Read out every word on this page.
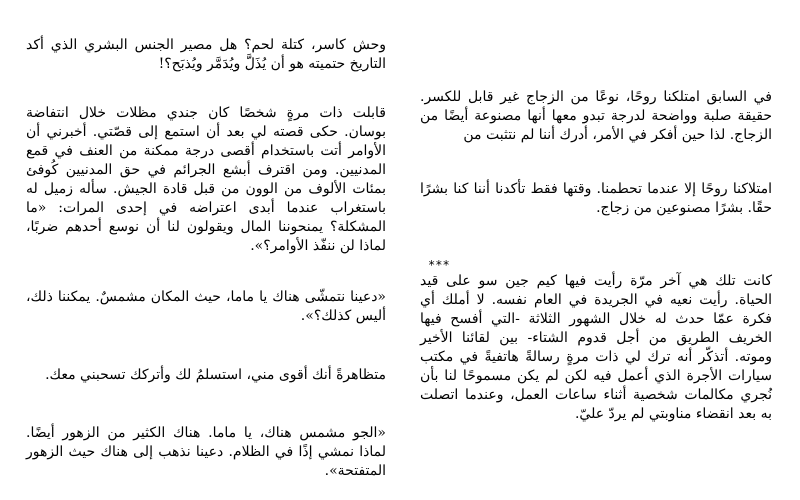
في السابق امتلكنا روحًا، نوعًا من الزجاج غير قابل للكسر. حقيقة صلبة وواضحة لدرجة تبدو معها أنها مصنوعة أيضًا من الزجاج. لذا حين أفكر في الأمر، أدرك أننا لم نتثبت من

امتلاكنا روحًا إلا عندما تحطمنا. وقتها فقط تأكدنا أننا كنا بشرًا حقًا. بشرًا مصنوعين من زجاج.

***

كانت تلك هي آخر مرّة رأيت فيها كيم جين سو على قيد الحياة. رأيت نعيه في الجريدة في العام نفسه. لا أملك أي فكرة عمّا حدث له خلال الشهور الثلاثة -التي أفسح فيها الخريف الطريق من أجل قدوم الشتاء- بين لقائنا الأخير وموته. أتذكّر أنه ترك لي ذات مرةٍ رسالةً هاتفيةً في مكتب سيارات الأجرة الذي أعمل فيه لكن لم يكن مسموحًا لنا بأن نُجري مكالمات شخصية أثناء ساعات العمل، وعندما اتصلت به بعد انقضاء مناوبتي لم يردّ عليّ.

وحش كاسر، كتلة لحم؟ هل مصير الجنس البشري الذي أكد التاريخ حتميته هو أن يُذَلَّ ويُدَمَّر ويُذبَح؟!

قابلت ذات مرةٍ شخصًا كان جندي مظلات خلال انتفاضة بوسان. حكى قصته لي بعد أن استمع إلى قصّتي. أخبرني أن الأوامر أتت باستخدام أقصى درجة ممكنة من العنف في قمع المدنيين. ومن اقترف أبشع الجرائم في حق المدنيين كُوفئ بمئات الألوف من الوون من قبل قادة الجيش. سأله زميل له باستغراب عندما أبدى اعتراضه في إحدى المرات: «ما المشكلة؟ يمنحوننا المال ويقولون لنا أن نوسع أحدهم ضربًا، لماذا لن ننفّذ الأوامر؟».

«دعينا نتمشّى هناك يا ماما، حيث المكان مشمسٌ. يمكننا ذلك، أليس كذلك؟».

متظاهرةً أنك أقوى مني، استسلمُ لك وأتركك تسحبني معك.

«الجو مشمس هناك، يا ماما. هناك الكثير من الزهور أيضًا. لماذا نمشي إذًا في الظلام. دعينا نذهب إلى هناك حيث الزهور المتفتحة».
